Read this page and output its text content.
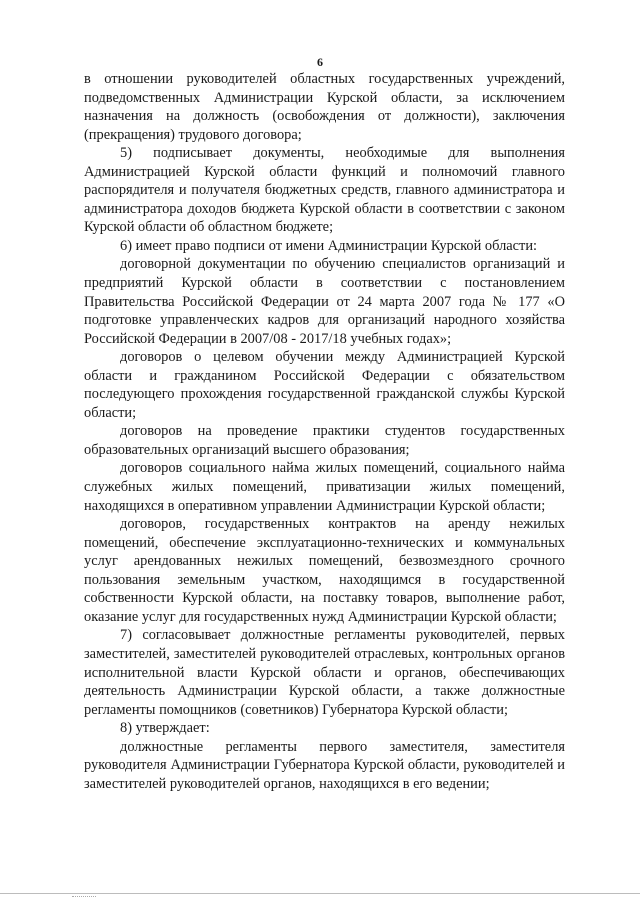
6

в отношении руководителей областных государственных учреждений, подведомственных Администрации Курской области, за исключением назначения на должность (освобождения от должности), заключения (прекращения) трудового договора;

5) подписывает документы, необходимые для выполнения Администрацией Курской области функций и полномочий главного распорядителя и получателя бюджетных средств, главного администратора и администратора доходов бюджета Курской области в соответствии с законом Курской области об областном бюджете;

6) имеет право подписи от имени Администрации Курской области:

договорной документации по обучению специалистов организаций и предприятий Курской области в соответствии с постановлением Правительства Российской Федерации от 24 марта 2007 года № 177 «О подготовке управленческих кадров для организаций народного хозяйства Российской Федерации в 2007/08 - 2017/18 учебных годах»;

договоров о целевом обучении между Администрацией Курской области и гражданином Российской Федерации с обязательством последующего прохождения государственной гражданской службы Курской области;

договоров на проведение практики студентов государственных образовательных организаций высшего образования;

договоров социального найма жилых помещений, социального найма служебных жилых помещений, приватизации жилых помещений, находящихся в оперативном управлении Администрации Курской области;

договоров, государственных контрактов на аренду нежилых помещений, обеспечение эксплуатационно-технических и коммунальных услуг арендованных нежилых помещений, безвозмездного срочного пользования земельным участком, находящимся в государственной собственности Курской области, на поставку товаров, выполнение работ, оказание услуг для государственных нужд Администрации Курской области;

7) согласовывает должностные регламенты руководителей, первых заместителей, заместителей руководителей отраслевых, контрольных органов исполнительной власти Курской области и органов, обеспечивающих деятельность Администрации Курской области, а также должностные регламенты помощников (советников) Губернатора Курской области;

8) утверждает:

должностные регламенты первого заместителя, заместителя руководителя Администрации Губернатора Курской области, руководителей и заместителей руководителей органов, находящихся в его ведении;
